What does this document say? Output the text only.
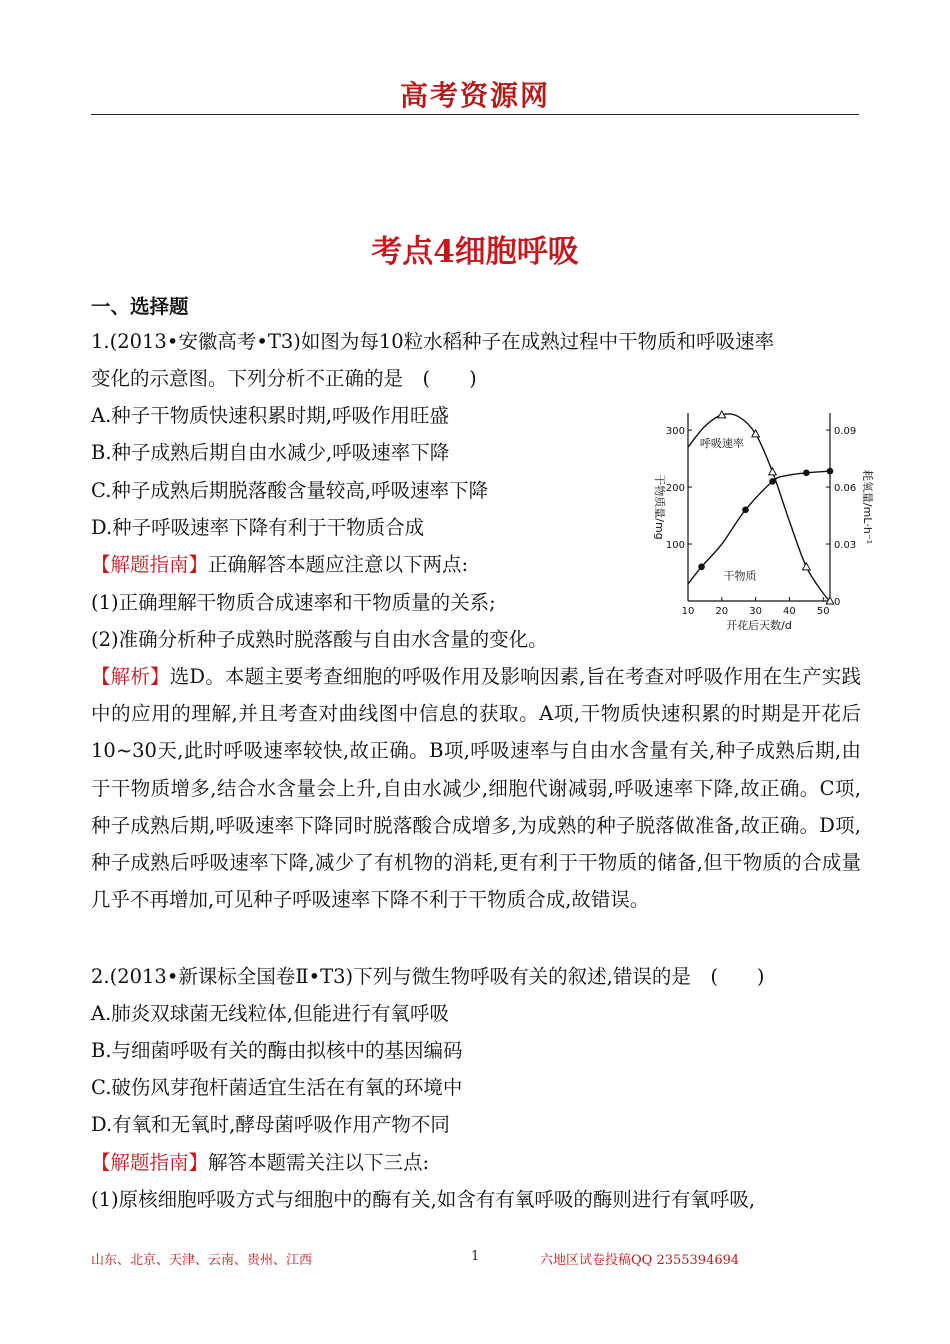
高考资源网
考点4细胞呼吸
一、选择题
1.(2013•安徽高考•T3)如图为每10粒水稻种子在成熟过程中干物质和呼吸速率
变化的示意图。下列分析不正确的是　(　　)
A.种子干物质快速积累时期,呼吸作用旺盛
B.种子成熟后期自由水减少,呼吸速率下降
C.种子成熟后期脱落酸含量较高,呼吸速率下降
D.种子呼吸速率下降有利于干物质合成
【解题指南】正确解答本题应注意以下两点:
(1)正确理解干物质合成速率和干物质量的关系;
(2)准确分析种子成熟时脱落酸与自由水含量的变化。
【解析】选D。本题主要考查细胞的呼吸作用及影响因素,旨在考查对呼吸作用在生产实践中的应用的理解,并且考查对曲线图中信息的获取。A项,干物质快速积累的时期是开花后10~30天,此时呼吸速率较快,故正确。B项,呼吸速率与自由水含量有关,种子成熟后期,由于干物质增多,结合水含量会上升,自由水减少,细胞代谢减弱,呼吸速率下降,故正确。C项,种子成熟后期,呼吸速率下降同时脱落酸合成增多,为成熟的种子脱落做准备,故正确。D项,种子成熟后呼吸速率下降,减少了有机物的消耗,更有利于干物质的储备,但干物质的合成量几乎不再增加,可见种子呼吸速率下降不利于干物质合成,故错误。
2.(2013•新课标全国卷Ⅱ•T3)下列与微生物呼吸有关的叙述,错误的是　(　　)
A.肺炎双球菌无线粒体,但能进行有氧呼吸
B.与细菌呼吸有关的酶由拟核中的基因编码
C.破伤风芽孢杆菌适宜生活在有氧的环境中
D.有氧和无氧时,酵母菌呼吸作用产物不同
【解题指南】解答本题需关注以下三点:
(1)原核细胞呼吸方式与细胞中的酶有关,如含有有氧呼吸的酶则进行有氧呼吸,
10 20 30 40 50
100
200
300
0
0.03
0.06
0.09
开花后天数/d
干物质量/mg	耗氧量/mL·h⁻¹
呼吸速率
干物质
山东、北京、天津、云南、贵州、江西	1	六地区试卷投稿QQ 2355394694
